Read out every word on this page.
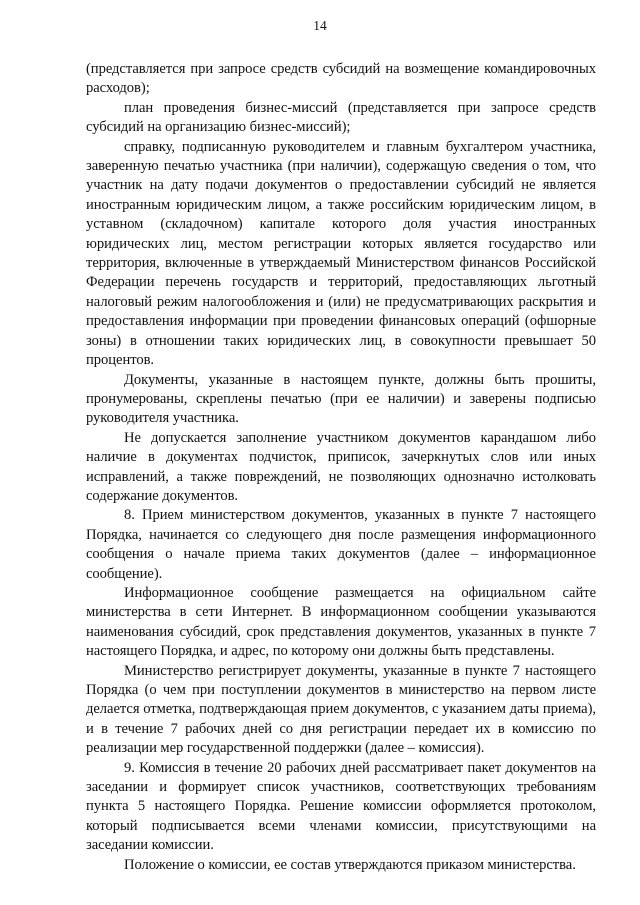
14

(представляется при запросе средств субсидий на возмещение командировочных расходов);

план проведения бизнес-миссий (представляется при запросе средств субсидий на организацию бизнес-миссий);

справку, подписанную руководителем и главным бухгалтером участника, заверенную печатью участника (при наличии), содержащую сведения о том, что участник на дату подачи документов о предоставлении субсидий не является иностранным юридическим лицом, а также российским юридическим лицом, в уставном (складочном) капитале которого доля участия иностранных юридических лиц, местом регистрации которых является государство или территория, включенные в утверждаемый Министерством финансов Российской Федерации перечень государств и территорий, предоставляющих льготный налоговый режим налогообложения и (или) не предусматривающих раскрытия и предоставления информации при проведении финансовых операций (офшорные зоны) в отношении таких юридических лиц, в совокупности превышает 50 процентов.

Документы, указанные в настоящем пункте, должны быть прошиты, пронумерованы, скреплены печатью (при ее наличии) и заверены подписью руководителя участника.

Не допускается заполнение участником документов карандашом либо наличие в документах подчисток, приписок, зачеркнутых слов или иных исправлений, а также повреждений, не позволяющих однозначно истолковать содержание документов.

8. Прием министерством документов, указанных в пункте 7 настоящего Порядка, начинается со следующего дня после размещения информационного сообщения о начале приема таких документов (далее – информационное сообщение).

Информационное сообщение размещается на официальном сайте министерства в сети Интернет. В информационном сообщении указываются наименования субсидий, срок представления документов, указанных в пункте 7 настоящего Порядка, и адрес, по которому они должны быть представлены.

Министерство регистрирует документы, указанные в пункте 7 настоящего Порядка (о чем при поступлении документов в министерство на первом листе делается отметка, подтверждающая прием документов, с указанием даты приема), и в течение 7 рабочих дней со дня регистрации передает их в комиссию по реализации мер государственной поддержки (далее – комиссия).

9. Комиссия в течение 20 рабочих дней рассматривает пакет документов на заседании и формирует список участников, соответствующих требованиям пункта 5 настоящего Порядка. Решение комиссии оформляется протоколом, который подписывается всеми членами комиссии, присутствующими на заседании комиссии.

Положение о комиссии, ее состав утверждаются приказом министерства.
